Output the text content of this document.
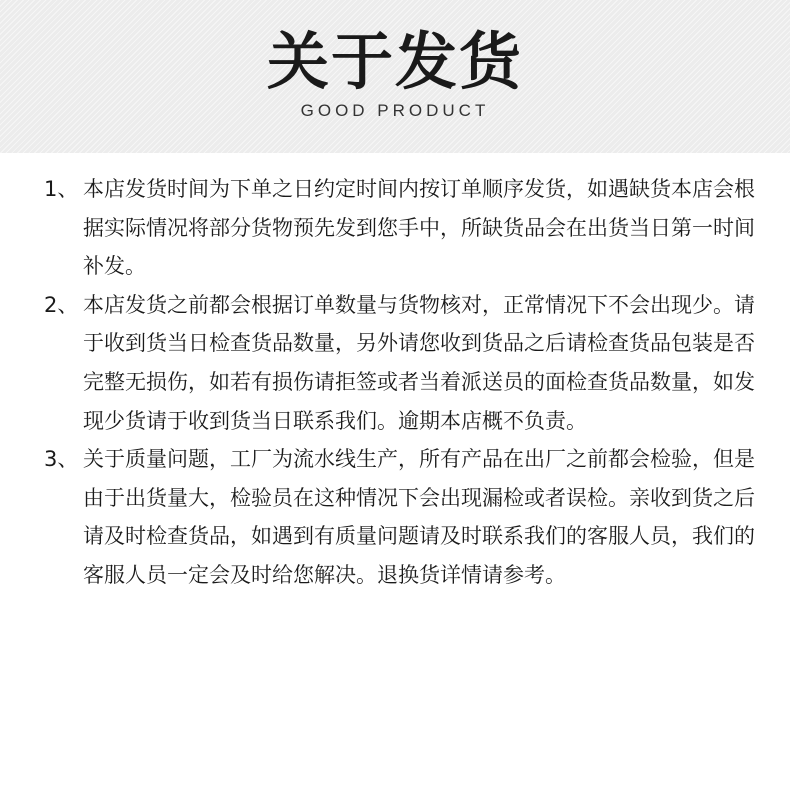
关于发货
GOOD PRODUCT
1、 本店发货时间为下单之日约定时间内按订单顺序发货，如遇缺货本店会根据实际情况将部分货物预先发到您手中，所缺货品会在出货当日第一时间补发。
2、 本店发货之前都会根据订单数量与货物核对，正常情况下不会出现少。请于收到货当日检查货品数量，另外请您收到货品之后请检查货品包装是否完整无损伤，如若有损伤请拒签或者当着派送员的面检查货品数量，如发现少货请于收到货当日联系我们。逾期本店概不负责。
3、 关于质量问题，工厂为流水线生产，所有产品在出厂之前都会检验，但是由于出货量大，检验员在这种情况下会出现漏检或者误检。亲收到货之后请及时检查货品，如遇到有质量问题请及时联系我们的客服人员，我们的客服人员一定会及时给您解决。退换货详情请参考。
